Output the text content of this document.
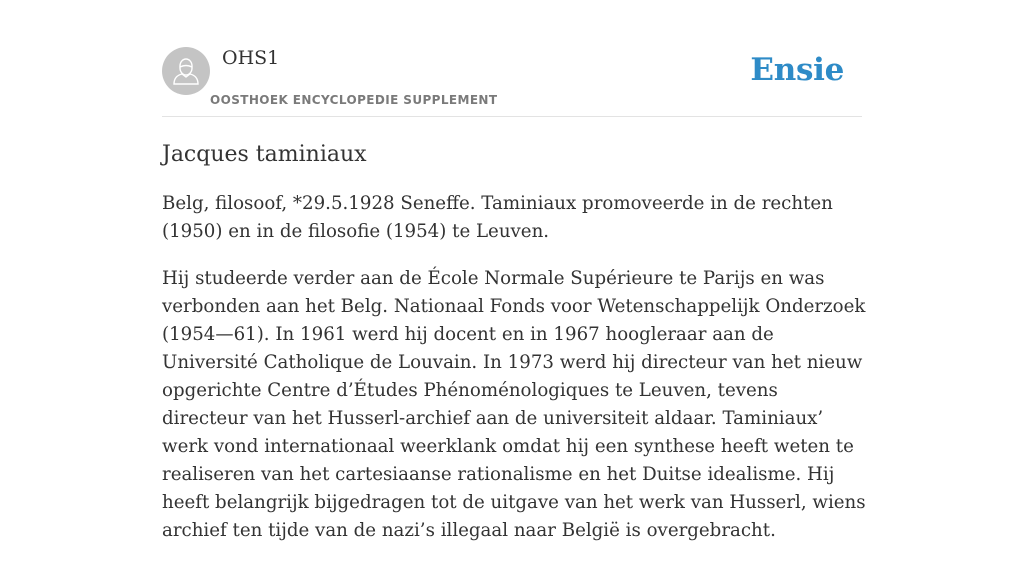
OHS1
OOSTHOEK ENCYCLOPEDIE SUPPLEMENT
Ensie
Jacques taminiaux

Belg, filosoof, *29.5.1928 Seneffe. Taminiaux promoveerde in de rechten (1950) en in de filosofie (1954) te Leuven.

Hij studeerde verder aan de École Normale Supérieure te Parijs en was verbonden aan het Belg. Nationaal Fonds voor Wetenschappelijk Onderzoek (1954—61). In 1961 werd hij docent en in 1967 hoogleraar aan de Université Catholique de Louvain. In 1973 werd hij directeur van het nieuw opgerichte Centre d’Études Phénoménologiques te Leuven, tevens directeur van het Husserl-archief aan de universiteit aldaar. Taminiaux’ werk vond internationaal weerklank omdat hij een synthese heeft weten te realiseren van het cartesiaanse rationalisme en het Duitse idealisme. Hij heeft belangrijk bijgedragen tot de uitgave van het werk van Husserl, wiens archief ten tijde van de nazi’s illegaal naar België is overgebracht.
